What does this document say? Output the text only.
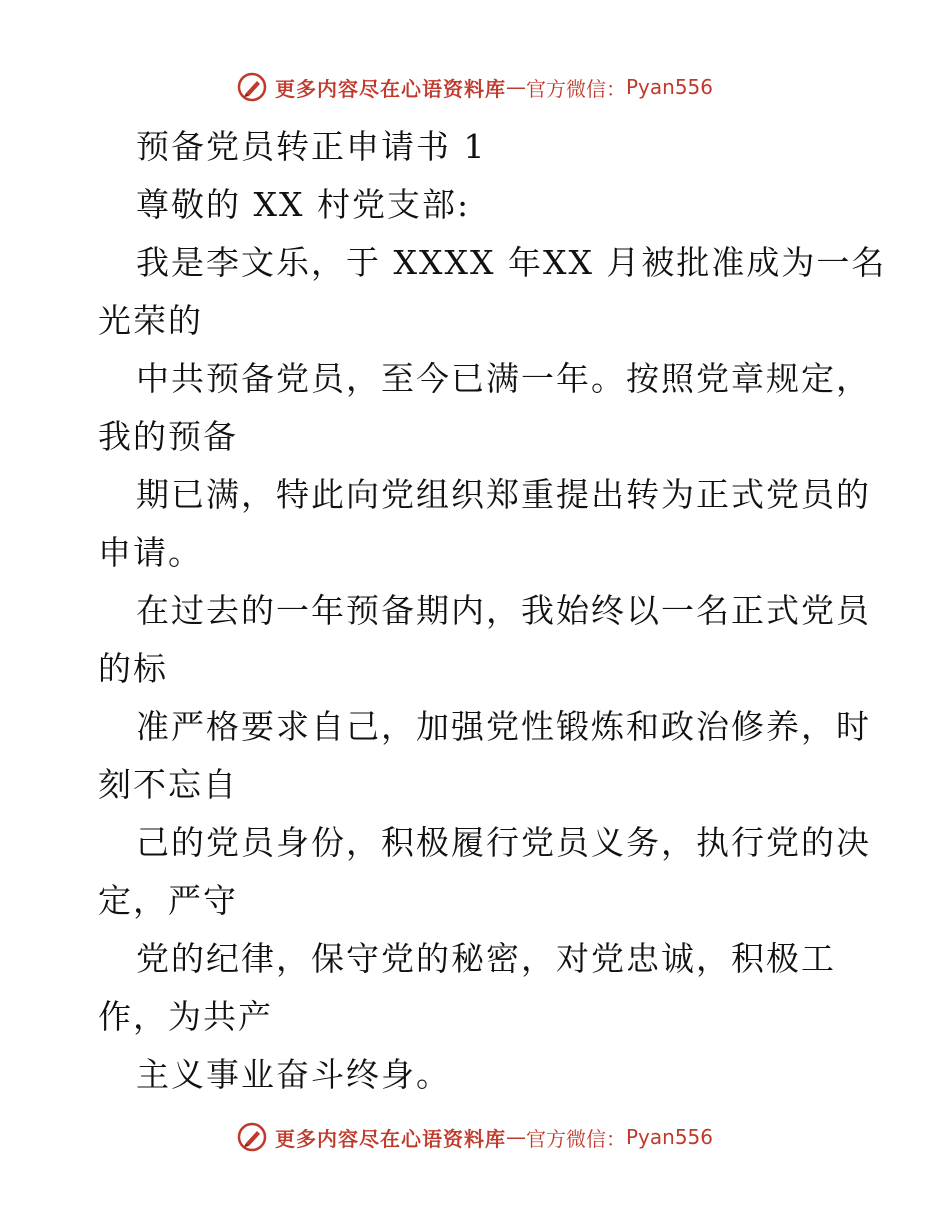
更多内容尽在心语资料库 — 官方微信： Pyan556
预备党员转正申请书 1
尊敬的 XX 村党支部:
我是李文乐，于 XXXX 年XX 月被批准成为一名
光荣的
中共预备党员，至今已满一年。按照党章规定，
我的预备
期已满，特此向党组织郑重提出转为正式党员的
申请。
在过去的一年预备期内，我始终以一名正式党员
的标
准严格要求自己，加强党性锻炼和政治修养，时
刻不忘自
己的党员身份，积极履行党员义务，执行党的决
定，严守
党的纪律，保守党的秘密，对党忠诚，积极工
作，为共产
主义事业奋斗终身。
更多内容尽在心语资料库 — 官方微信： Pyan556
